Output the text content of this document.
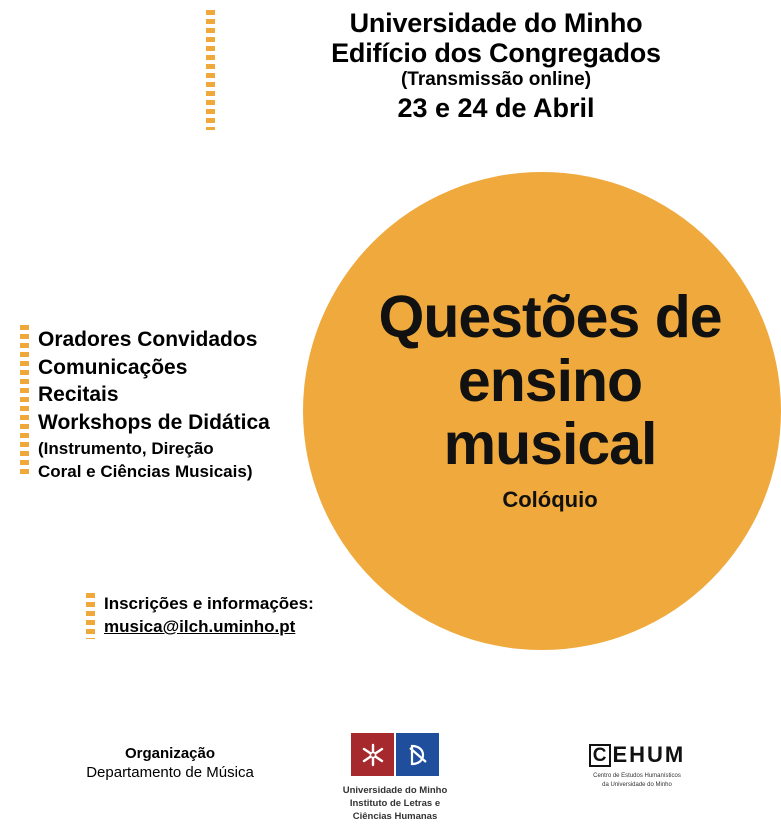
Universidade do Minho
Edifício dos Congregados
(Transmissão online)
23 e 24 de Abril
Questões de
ensino
musical
Colóquio
Oradores Convidados
Comunicações
Recitais
Workshops de Didática
(Instrumento, Direção
Coral e Ciências Musicais)
Inscrições e informações:
musica@ilch.uminho.pt
Organização
Departamento de Música
Universidade do Minho
Instituto de Letras e Ciências Humanas
C EHUM
Centro de Estudos Humanísticos
da Universidade do Minho
